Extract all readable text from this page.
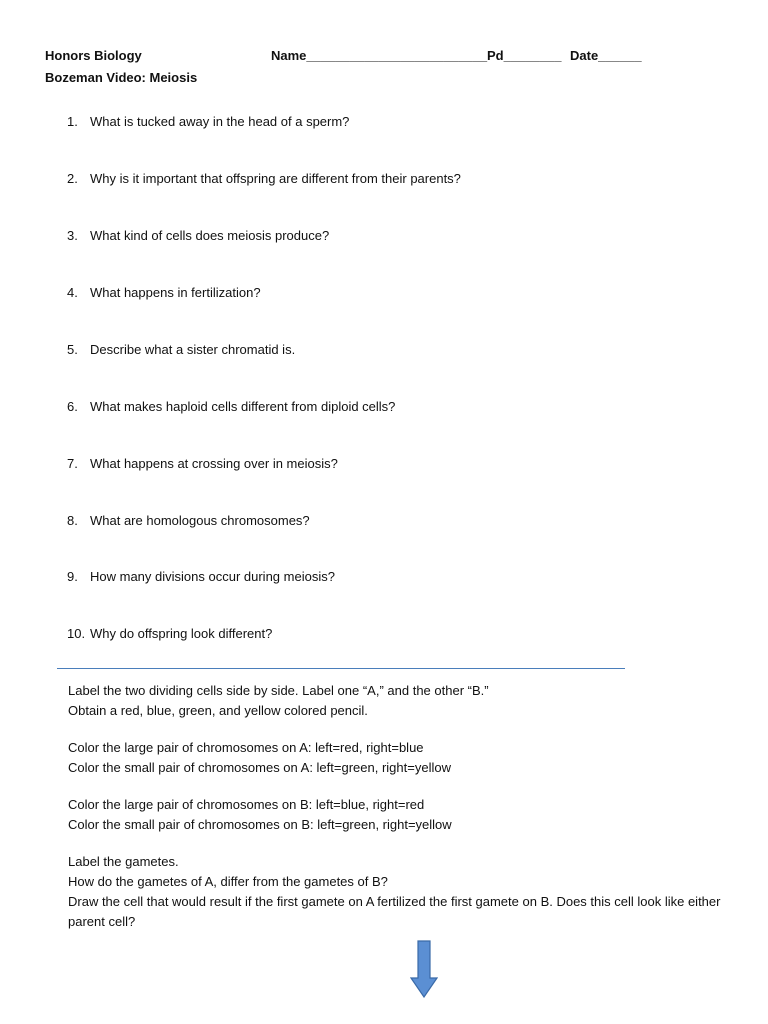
Honors Biology	Name_________________________ Pd________ Date______
Bozeman Video: Meiosis
1. What is tucked away in the head of a sperm?
2. Why is it important that offspring are different from their parents?
3. What kind of cells does meiosis produce?
4. What happens in fertilization?
5. Describe what a sister chromatid is.
6. What makes haploid cells different from diploid cells?
7. What happens at crossing over in meiosis?
8. What are homologous chromosomes?
9. How many divisions occur during meiosis?
10. Why do offspring look different?

Label the two dividing cells side by side. Label one “A,” and the other “B.”

Obtain a red, blue, green, and yellow colored pencil.

Color the large pair of chromosomes on A: left=red, right=blue

Color the small pair of chromosomes on A: left=green, right=yellow

Color the large pair of chromosomes on B: left=blue, right=red

Color the small pair of chromosomes on B: left=green, right=yellow

Label the gametes.

How do the gametes of A, differ from the gametes of B?

Draw the cell that would result if the first gamete on A fertilized the first gamete on B. Does this cell look like either parent cell?
